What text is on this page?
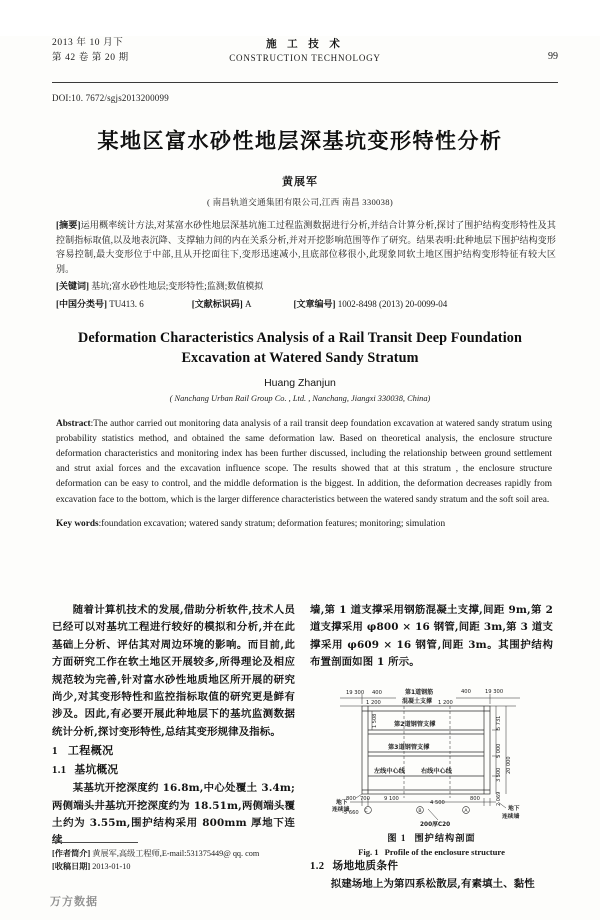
2013 年 10 月下
第 42 卷 第 20 期
施 工 技 术
CONSTRUCTION TECHNOLOGY	99
DOI:10. 7672/sgjs2013200099
某地区富水砂性地层深基坑变形特性分析
黄展军
( 南昌轨道交通集团有限公司,江西 南昌 330038)
[摘要]运用概率统计方法,对某富水砂性地层深基坑施工过程监测数据进行分析,并结合计算分析,探讨了围护结构变形特性及其控制指标取值,以及地表沉降、支撑轴力间的内在关系分析,并对开挖影响范围等作了研究。结果表明:此种地层下围护结构变形容易控制,最大变形位于中部,且从开挖面往下,变形迅速减小,且底部位移很小,此现象同软土地区围护结构变形特征有较大区别。
[关键词] 基坑;富水砂性地层;变形特性;监测;数值模拟
[中国分类号] TU413. 6	[文献标识码] A	[文章编号] 1002-8498 (2013) 20-0099-04
Deformation Characteristics Analysis of a Rail Transit Deep Foundation Excavation at Watered Sandy Stratum
Huang Zhanjun
( Nanchang Urban Rail Group Co. , Ltd. , Nanchang, Jiangxi 330038, China)
Abstract:The author carried out monitoring data analysis of a rail transit deep foundation excavation at watered sandy stratum using probability statistics method, and obtained the same deformation law. Based on theoretical analysis, the enclosure structure deformation characteristics and monitoring index has been further discussed, including the relationship between ground settlement and strut axial forces and the excavation influence scope. The results showed that at this stratum , the enclosure structure deformation can be easy to control, and the middle deformation is the biggest. In addition, the deformation decreases rapidly from excavation face to the bottom, which is the larger difference characteristics between the watered sandy stratum and the soft soil area.
Key words:foundation excavation; watered sandy stratum; deformation features; monitoring; simulation
随着计算机技术的发展,借助分析软件,技术人员已经可以对基坑工程进行较好的模拟和分析,并在此基础上分析、评估其对周边环境的影响。而目前,此方面研究工作在软土地区开展较多,所得理论及相应规范较为完善,针对富水砂性地质地区所开展的研究尚少,对其变形特性和监控指标取值的研究更是鲜有涉及。因此,有必要开展此种地层下的基坑监测数据统计分析,探讨变形特性,总结其变形规律及指标。
1 工程概况
1.1 基坑概况
某基坑开挖深度约 16.8m,中心处覆土 3.4m;两侧端头井基坑开挖深度约为 18.51m,两侧端头覆土约为 3.55m,围护结构采用 800mm 厚地下连续
墙,第 1 道支撑采用钢筋混凝土支撑,间距 9m,第 2 道支撑采用 φ800 × 16 钢管,间距 3m,第 3 道支撑采用 φ609 × 16 钢管,间距 3m。其围护结构布置剖面如图 1 所示。
19 300 400
1 200
400	19 300
1 200
第1道钢筋
混凝土支撑
第2道钢管支撑
第3道钢管支撑
左线中心线	右线中心线
800 700	9 100
4 500
800
-5 660
地下
连续墙	地下
连续墙
200厚C20
C	B	A
1 508	5 731
5 000
3 500
20 000
2 069
图 1 围护结构剖面
Fig. 1 Profile of the enclosure structure
1.2 场地地质条件
拟建场地上为第四系松散层,有素填土、黏性
[作者简介] 黄展军,高级工程师,E-mail:531375449@ qq. com
[收稿日期] 2013-01-10
万方数据
